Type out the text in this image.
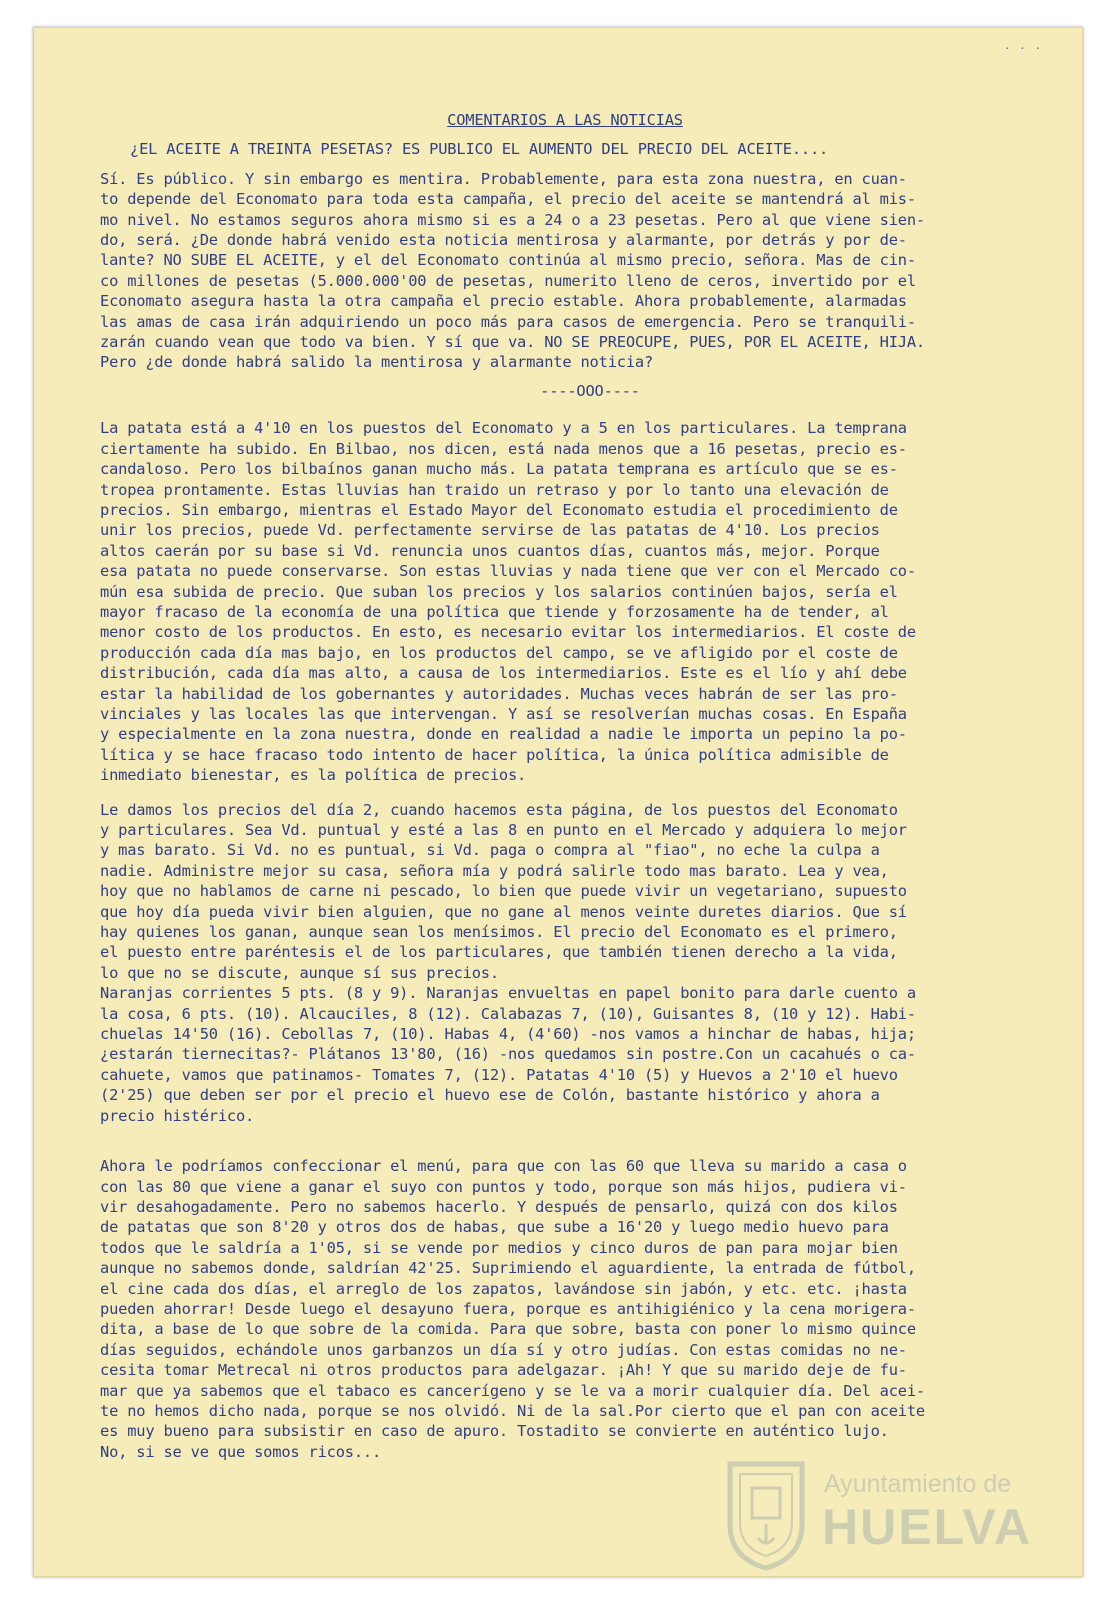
· · ·
COMENTARIOS A LAS NOTICIAS
¿EL ACEITE A TREINTA PESETAS? ES PUBLICO EL AUMENTO DEL PRECIO DEL ACEITE....

Sí. Es público. Y sin embargo es mentira. Probablemente, para esta zona nuestra, en cuan-
to depende del Economato para toda esta campaña, el precio del aceite se mantendrá al mis-
mo nivel. No estamos seguros ahora mismo si es a 24 o a 23 pesetas. Pero al que viene sien-
do, será. ¿De donde habrá venido esta noticia mentirosa y alarmante, por detrás y por de-
lante? NO SUBE EL ACEITE, y el del Economato continúa al mismo precio, señora. Mas de cin-
co millones de pesetas (5.000.000'00 de pesetas, numerito lleno de ceros, invertido por el
Economato asegura hasta la otra campaña el precio estable. Ahora probablemente, alarmadas
las amas de casa irán adquiriendo un poco más para casos de emergencia. Pero se tranquili-
zarán cuando vean que todo va bien. Y sí que va. NO SE PREOCUPE, PUES, POR EL ACEITE, HIJA.
Pero ¿de donde habrá salido la mentirosa y alarmante noticia?

----OOO----

La patata está a 4'10 en los puestos del Economato y a 5 en los particulares. La temprana
ciertamente ha subido. En Bilbao, nos dicen, está nada menos que a 16 pesetas, precio es-
candaloso. Pero los bilbaínos ganan mucho más. La patata temprana es artículo que se es-
tropea prontamente. Estas lluvias han traido un retraso y por lo tanto una elevación de
precios. Sin embargo, mientras el Estado Mayor del Economato estudia el procedimiento de
unir los precios, puede Vd. perfectamente servirse de las patatas de 4'10. Los precios
altos caerán por su base si Vd. renuncia unos cuantos días, cuantos más, mejor. Porque
esa patata no puede conservarse. Son estas lluvias y nada tiene que ver con el Mercado co-
mún esa subida de precio. Que suban los precios y los salarios continúen bajos, sería el
mayor fracaso de la economía de una política que tiende y forzosamente ha de tender, al
menor costo de los productos. En esto, es necesario evitar los intermediarios. El coste de
producción cada día mas bajo, en los productos del campo, se ve afligido por el coste de
distribución, cada día mas alto, a causa de los intermediarios. Este es el lío y ahí debe
estar la habilidad de los gobernantes y autoridades. Muchas veces habrán de ser las pro-
vinciales y las locales las que intervengan. Y así se resolverían muchas cosas. En España
y especialmente en la zona nuestra, donde en realidad a nadie le importa un pepino la po-
lítica y se hace fracaso todo intento de hacer política, la única política admisible de
inmediato bienestar, es la política de precios.

Le damos los precios del día 2, cuando hacemos esta página, de los puestos del Economato
y particulares. Sea Vd. puntual y esté a las 8 en punto en el Mercado y adquiera lo mejor
y mas barato. Si Vd. no es puntual, si Vd. paga o compra al "fiao", no eche la culpa a
nadie. Administre mejor su casa, señora mía y podrá salirle todo mas barato. Lea y vea,
hoy que no hablamos de carne ni pescado, lo bien que puede vivir un vegetariano, supuesto
que hoy día pueda vivir bien alguien, que no gane al menos veinte duretes diarios. Que sí
hay quienes los ganan, aunque sean los menísimos. El precio del Economato es el primero,
el puesto entre paréntesis el de los particulares, que también tienen derecho a la vida,
lo que no se discute, aunque sí sus precios.
Naranjas corrientes 5 pts. (8 y 9). Naranjas envueltas en papel bonito para darle cuento a
la cosa, 6 pts. (10). Alcauciles, 8 (12). Calabazas 7, (10), Guisantes 8, (10 y 12). Habi-
chuelas 14'50 (16). Cebollas 7, (10). Habas 4, (4'60) -nos vamos a hinchar de habas, hija;
¿estarán tiernecitas?- Plátanos 13'80, (16) -nos quedamos sin postre.Con un cacahués o ca-
cahuete, vamos que patinamos- Tomates 7, (12). Patatas 4'10 (5) y Huevos a 2'10 el huevo
(2'25) que deben ser por el precio el huevo ese de Colón, bastante histórico y ahora a
precio histérico.

Ahora le podríamos confeccionar el menú, para que con las 60 que lleva su marido a casa o
con las 80 que viene a ganar el suyo con puntos y todo, porque son más hijos, pudiera vi-
vir desahogadamente. Pero no sabemos hacerlo. Y después de pensarlo, quizá con dos kilos
de patatas que son 8'20 y otros dos de habas, que sube a 16'20 y luego medio huevo para
todos que le saldría a 1'05, si se vende por medios y cinco duros de pan para mojar bien
aunque no sabemos donde, saldrían 42'25. Suprimiendo el aguardiente, la entrada de fútbol,
el cine cada dos días, el arreglo de los zapatos, lavándose sin jabón, y etc. etc. ¡hasta
pueden ahorrar! Desde luego el desayuno fuera, porque es antihigiénico y la cena morigera-
dita, a base de lo que sobre de la comida. Para que sobre, basta con poner lo mismo quince
días seguidos, echándole unos garbanzos un día sí y otro judías. Con estas comidas no ne-
cesita tomar Metrecal ni otros productos para adelgazar. ¡Ah! Y que su marido deje de fu-
mar que ya sabemos que el tabaco es cancerígeno y se le va a morir cualquier día. Del acei-
te no hemos dicho nada, porque se nos olvidó. Ni de la sal.Por cierto que el pan con aceite
es muy bueno para subsistir en caso de apuro. Tostadito se convierte en auténtico lujo.
No, si se ve que somos ricos...

Ayuntamiento de
HUELVA
